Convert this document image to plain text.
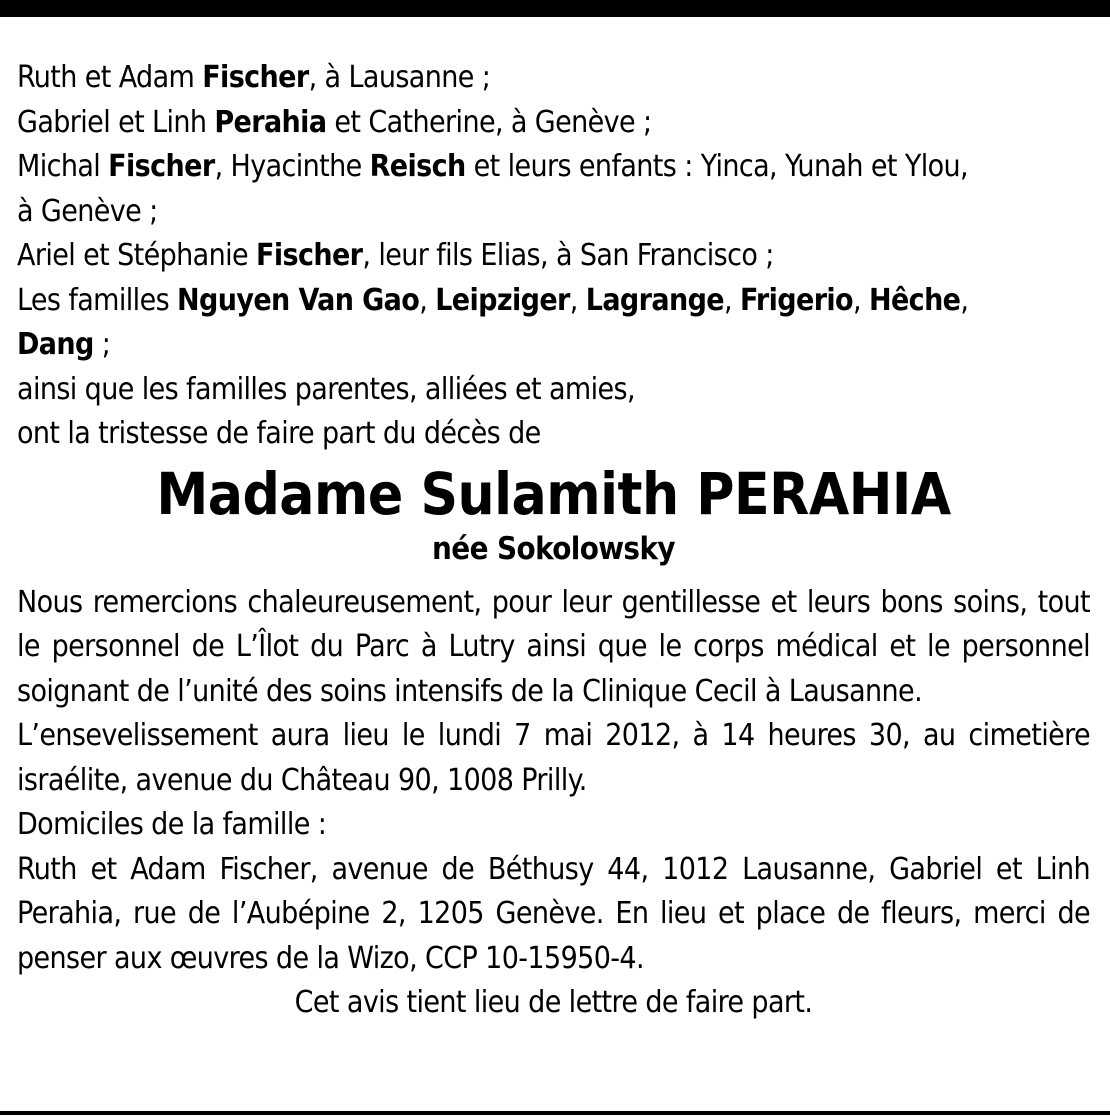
Ruth et Adam Fischer, à Lausanne ;
Gabriel et Linh Perahia et Catherine, à Genève ;
Michal Fischer, Hyacinthe Reisch et leurs enfants : Yinca, Yunah et Ylou,
à Genève ;
Ariel et Stéphanie Fischer, leur fils Elias, à San Francisco ;
Les familles Nguyen Van Gao, Leipziger, Lagrange, Frigerio, Hêche,
Dang ;
ainsi que les familles parentes, alliées et amies,
ont la tristesse de faire part du décès de
Madame Sulamith PERAHIA
née Sokolowsky
Nous remercions chaleureusement, pour leur gentillesse et leurs bons soins, tout le personnel de L’Îlot du Parc à Lutry ainsi que le corps médical et le personnel soignant de l’unité des soins intensifs de la Clinique Cecil à Lausanne.
L’ensevelissement aura lieu le lundi 7 mai 2012, à 14 heures 30, au cimetière israélite, avenue du Château 90, 1008 Prilly.
Domiciles de la famille :
Ruth et Adam Fischer, avenue de Béthusy 44, 1012 Lausanne, Gabriel et Linh Perahia, rue de l’Aubépine 2, 1205 Genève. En lieu et place de fleurs, merci de penser aux œuvres de la Wizo, CCP 10-15950-4.
Cet avis tient lieu de lettre de faire part.
